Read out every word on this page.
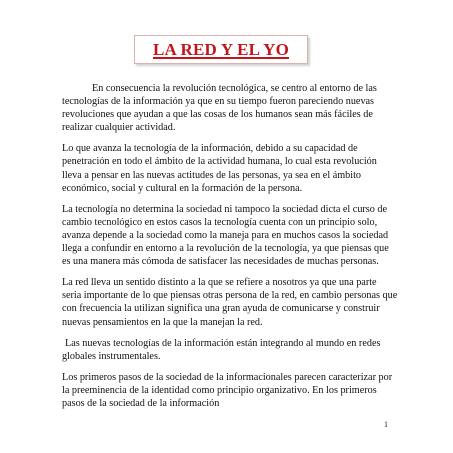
LA RED Y EL YO

En consecuencia la revolución tecnológica, se centro al entorno de las tecnologías de la información ya que en su tiempo fueron pareciendo nuevas revoluciones que ayudan a que las cosas de los humanos sean más fáciles de realizar cualquier actividad.

Lo que avanza la tecnología de la información, debido a su capacidad de penetración en todo el ámbito de la actividad humana, lo cual esta revolución lleva a pensar en las nuevas actitudes de las personas, ya sea en el ámbito económico, social y cultural en la formación de la persona.

La tecnología no determina la sociedad ni tampoco la sociedad dicta el curso de cambio tecnológico en estos casos la tecnología cuenta con un principio solo, avanza depende a la sociedad como la maneja para en muchos casos la sociedad llega a confundir en entorno a la revolución de la tecnología, ya que piensas que es una manera más cómoda de satisfacer las necesidades de muchas personas.

La red lleva un sentido distinto a la que se refiere a nosotros ya que una parte seria importante de lo que piensas otras persona de la red, en cambio personas que con frecuencia la utilizan significa una gran ayuda de comunicarse y construir nuevas pensamientos en la que la manejan la red.

Las nuevas tecnologías de la información están integrando al mundo en redes globales instrumentales.

Los primeros pasos de la sociedad de la informacionales parecen caracterizar por la preeminencia de la identidad como principio organizativo. En los primeros pasos de la sociedad de la información

1
